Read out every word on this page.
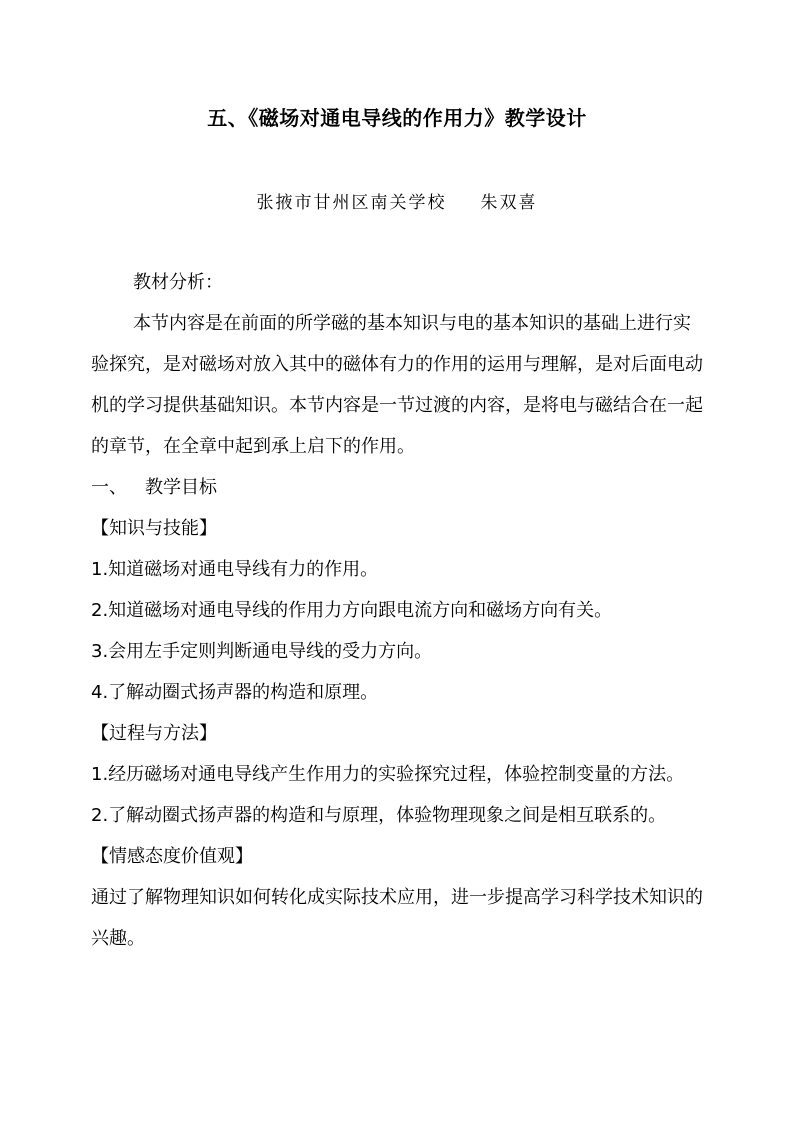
五、《磁场对通电导线的作用力》教学设计
张掖市甘州区南关学校 朱双喜

教材分析：

本节内容是在前面的所学磁的基本知识与电的基本知识的基础上进行实验探究，是对磁场对放入其中的磁体有力的作用的运用与理解，是对后面电动机的学习提供基础知识。本节内容是一节过渡的内容，是将电与磁结合在一起的章节，在全章中起到承上启下的作用。

一、 教学目标

【知识与技能】

1.知道磁场对通电导线有力的作用。

2.知道磁场对通电导线的作用力方向跟电流方向和磁场方向有关。

3.会用左手定则判断通电导线的受力方向。

4.了解动圈式扬声器的构造和原理。

【过程与方法】

1.经历磁场对通电导线产生作用力的实验探究过程，体验控制变量的方法。

2.了解动圈式扬声器的构造和与原理，体验物理现象之间是相互联系的。

【情感态度价值观】

通过了解物理知识如何转化成实际技术应用，进一步提高学习科学技术知识的兴趣。
